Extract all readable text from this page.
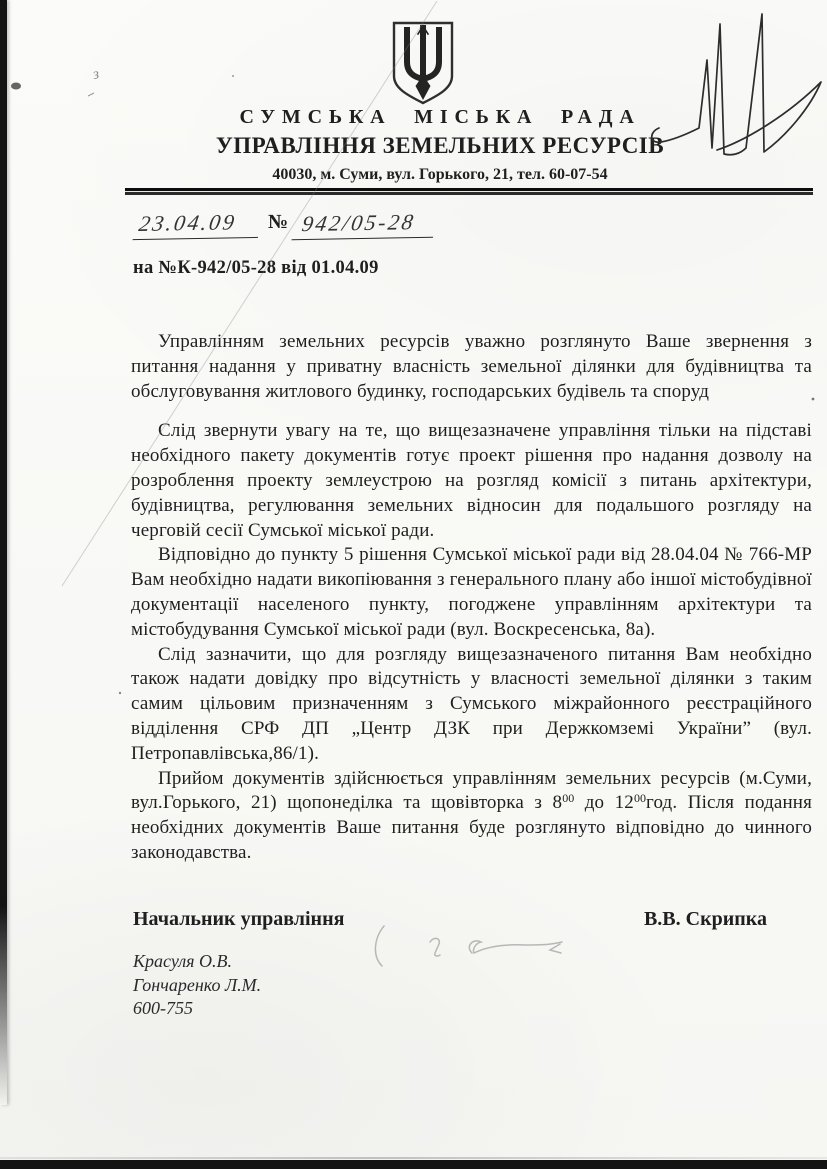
СУМСЬКА МІСЬКА РАДА
УПРАВЛІННЯ ЗЕМЕЛЬНИХ РЕСУРСІВ
40030, м. Суми, вул. Горького, 21, тел. 60-07-54
23.04.09 № 942/05-28
на №К-942/05-28 від 01.04.09

Управлінням земельних ресурсів уважно розглянуто Ваше звернення з питання надання у приватну власність земельної ділянки для будівництва та обслуговування житлового будинку, господарських будівель та споруд

Слід звернути увагу на те, що вищезазначене управління тільки на підставі необхідного пакету документів готує проект рішення про надання дозволу на розроблення проекту землеустрою на розгляд комісії з питань архітектури, будівництва, регулювання земельних відносин для подальшого розгляду на черговій сесії Сумської міської ради.

Відповідно до пункту 5 рішення Сумської міської ради від 28.04.04 № 766-МР Вам необхідно надати викопіювання з генерального плану або іншої містобудівної документації населеного пункту, погоджене управлінням архітектури та містобудування Сумської міської ради (вул. Воскресенська, 8а).

Слід зазначити, що для розгляду вищезазначеного питання Вам необхідно також надати довідку про відсутність у власності земельної ділянки з таким самим цільовим призначенням з Сумського міжрайонного реєстраційного відділення СРФ ДП „Центр ДЗК при Держкомземі України” (вул. Петропавлівська,86/1).

Прийом документів здійснюється управлінням земельних ресурсів (м.Суми, вул.Горького, 21) щопонеділка та щовівторка з $8^{00}$ до $12^{00}год$. Після подання необхідних документів Ваше питання буде розглянуто відповідно до чинного законодавства.

Начальник управління	В.В. Скрипка
Красуля О.В.
Гончаренко Л.М.
600-755
з
